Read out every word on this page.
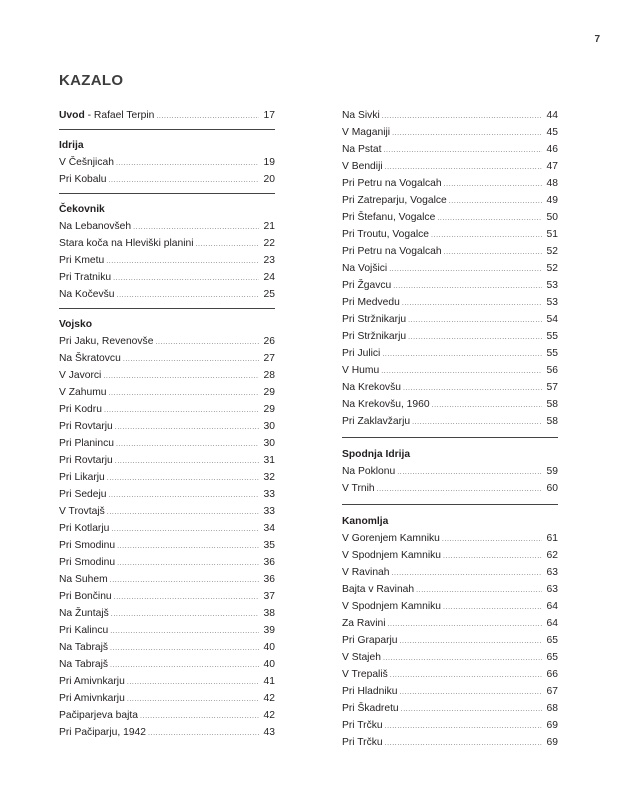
7
KAZALO
Uvod - Rafael Terpin .....	17
Idrija
V Češnjicah .....	19
Pri Kobalu .....	20
Čekovnik
Na Lebanovšeh .....	21
Stara koča na Hleviški planini .....	22
Pri Kmetu .....	23
Pri Tratniku .....	24
Na Kočevšu .....	25
Vojsko
Pri Jaku, Revenovše .....	26
Na Škratovcu .....	27
V Javorci .....	28
V Zahumu .....	29
Pri Kodru .....	29
Pri Rovtarju .....	30
Pri Planincu .....	30
Pri Rovtarju .....	31
Pri Likarju .....	32
Pri Sedeju .....	33
V Trovtajš .....	33
Pri Kotlarju .....	34
Pri Smodinu .....	35
Pri Smodinu .....	36
Na Suhem .....	36
Pri Bončinu .....	37
Na Žuntajš .....	38
Pri Kalincu .....	39
Na Tabrajš .....	40
Na Tabrajš .....	40
Pri Amivnkarju .....	41
Pri Amivnkarju .....	42
Pačiparjeva bajta .....	42
Pri Pačiparju, 1942 .....	43
Na Sivki .....	44
V Maganiji .....	45
Na Pstat .....	46
V Bendiji .....	47
Pri Petru na Vogalcah .....	48
Pri Zatreparju, Vogalce .....	49
Pri Štefanu, Vogalce .....	50
Pri Troutu, Vogalce .....	51
Pri Petru na Vogalcah .....	52
Na Vojšici .....	52
Pri Žgavcu .....	53
Pri Medvedu .....	53
Pri Stržnikarju .....	54
Pri Stržnikarju .....	55
Pri Julici .....	55
V Humu .....	56
Na Krekovšu .....	57
Na Krekovšu, 1960 .....	58
Pri Zaklavžarju .....	58
Spodnja Idrija
Na Poklonu .....	59
V Trnih .....	60
Kanomlja
V Gorenjem Kamniku .....	61
V Spodnjem Kamniku .....	62
V Ravinah .....	63
Bajta v Ravinah .....	63
V Spodnjem Kamniku .....	64
Za Ravini .....	64
Pri Graparju .....	65
V Stajeh .....	65
V Trepališ .....	66
Pri Hladniku .....	67
Pri Škadretu .....	68
Pri Trčku .....	69
Pri Trčku .....	69
